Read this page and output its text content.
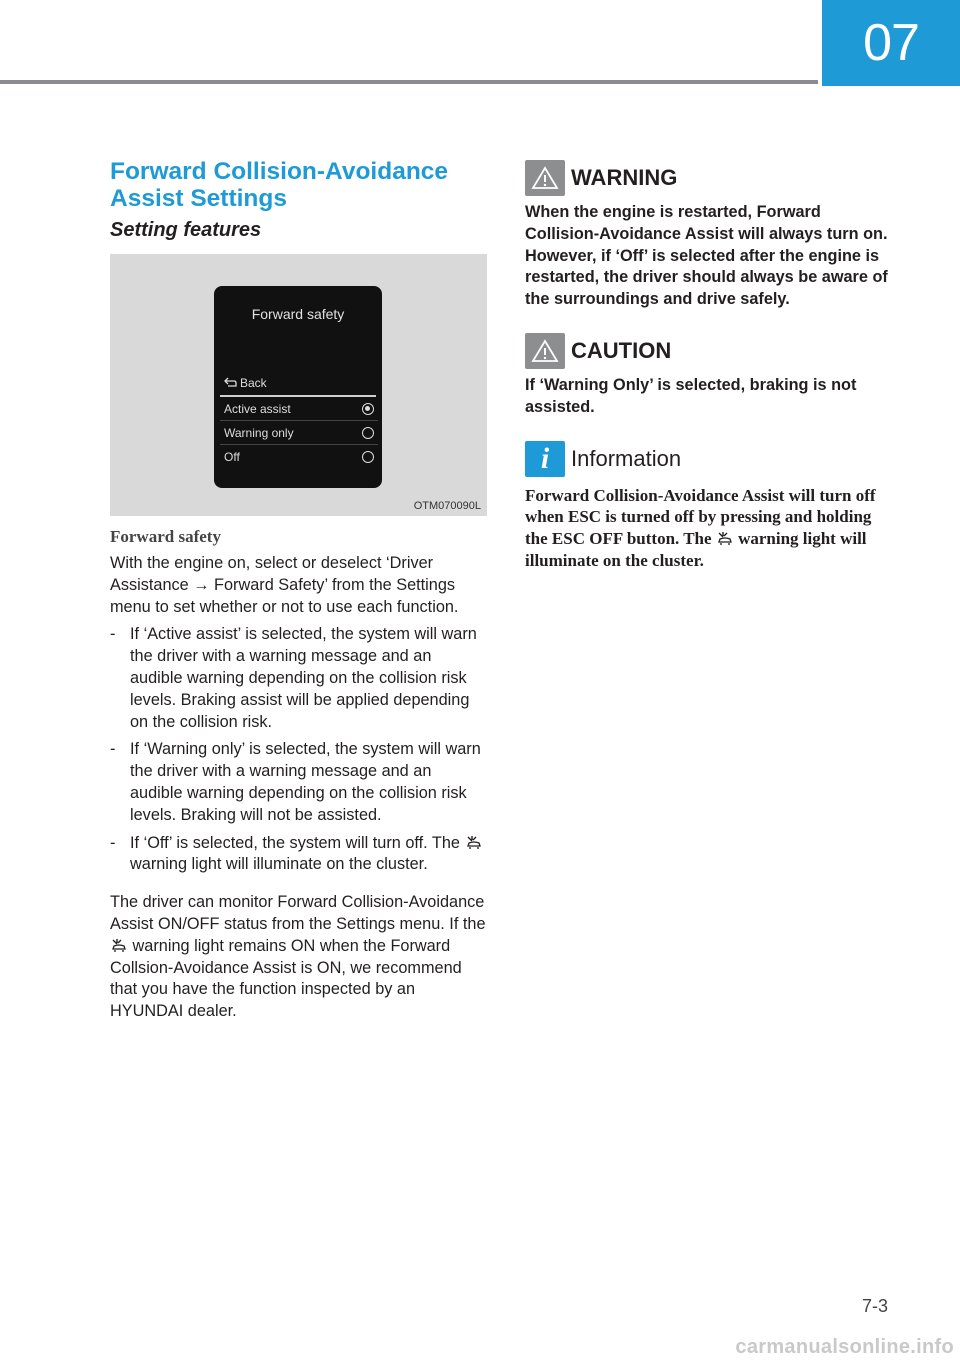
07
Forward Collision-Avoidance
Assist Settings
Setting features
Forward safety
Back
Active assist
Warning only
Off
OTM070090L
Forward safety

With the engine on, select or deselect ‘Driver Assistance → Forward Safety’ from the Settings menu to set whether or not to use each function.

- If ‘Active assist’ is selected, the system will warn the driver with a warning message and an audible warning depending on the collision risk levels. Braking assist will be applied depending on the collision risk.
- If ‘Warning only’ is selected, the system will warn the driver with a warning message and an audible warning depending on the collision risk levels. Braking will not be assisted.
- If ‘Off’ is selected, the system will turn off. The  warning light will illuminate on the cluster.

The driver can monitor Forward Collision-Avoidance Assist ON/OFF status from the Settings menu. If the  warning light remains ON when the Forward Collsion-Avoidance Assist is ON, we recommend that you have the function inspected by an HYUNDAI dealer.

WARNING
When the engine is restarted, Forward Collision-Avoidance Assist will always turn on. However, if ‘Off’ is selected after the engine is restarted, the driver should always be aware of the surroundings and drive safely.
CAUTION
If ‘Warning Only’ is selected, braking is not assisted.
i Information
Forward Collision-Avoidance Assist will turn off when ESC is turned off by pressing and holding the ESC OFF button. The warning light will illuminate on the cluster.
7-3
carmanualsonline.info
